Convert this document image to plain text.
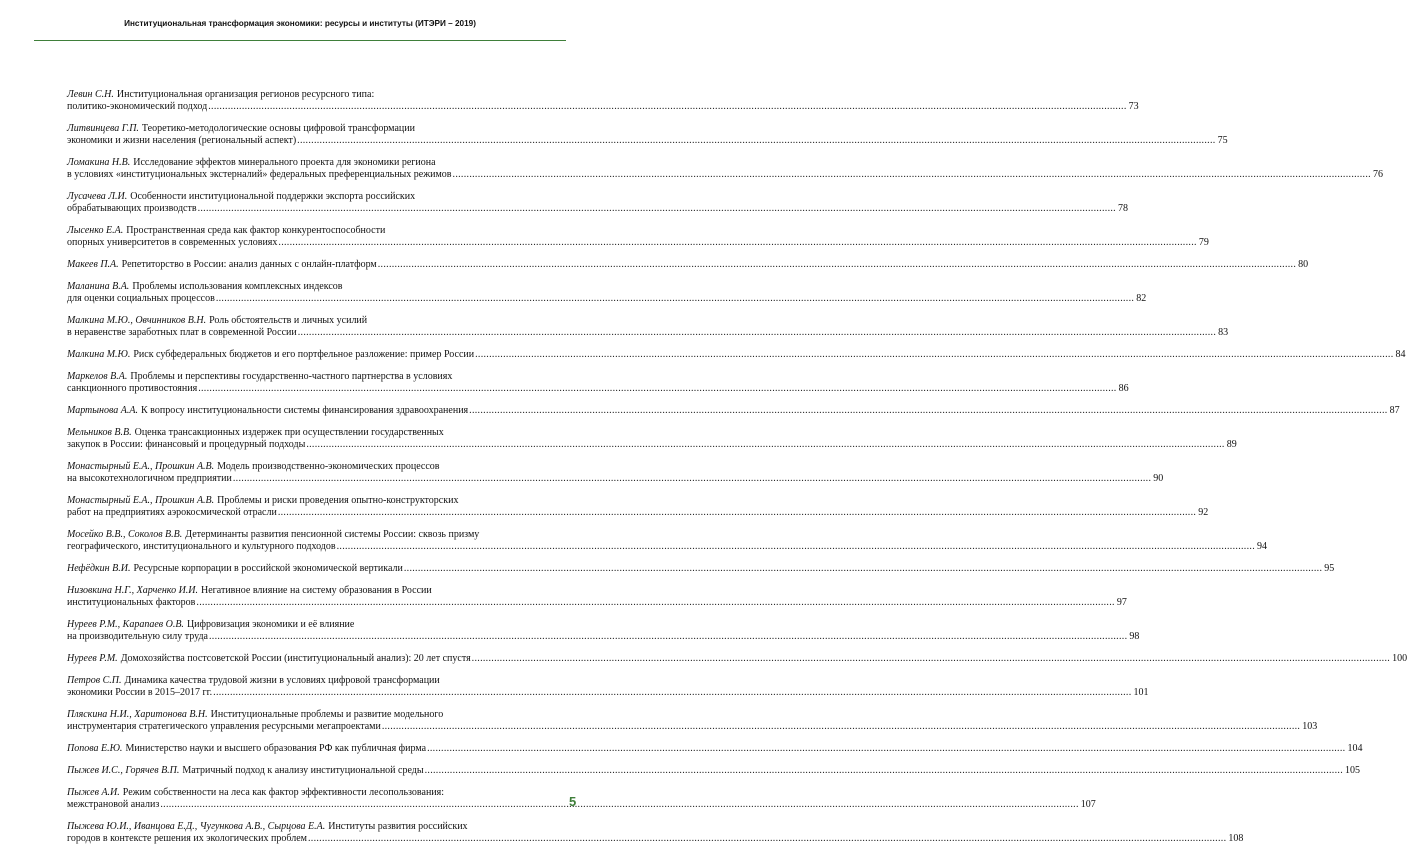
Институциональная трансформация экономики: ресурсы и институты (ИТЭРИ – 2019)
Левин С.Н. Институциональная организация регионов ресурсного типа:
политико-экономический подход .....	73
Литвинцева Г.П. Теоретико-методологические основы цифровой трансформации
экономики и жизни населения (региональный аспект) .....	75
Ломакина Н.В. Исследование эффектов минерального проекта для экономики региона
в условиях «институциональных экстерналий» федеральных преференциальных режимов .....	76
Лусачева Л.И. Особенности институциональной поддержки экспорта российских
обрабатывающих производств .....	78
Лысенко Е.А. Пространственная среда как фактор конкурентоспособности
опорных университетов в современных условиях .....	79
Макеев П.А. Репетиторство в России: анализ данных с онлайн-платформ .....	80
Маланина В.А. Проблемы использования комплексных индексов
для оценки социальных процессов .....	82
Малкина М.Ю., Овчинников В.Н. Роль обстоятельств и личных усилий
в неравенстве заработных плат в современной России .....	83
Малкина М.Ю. Риск субфедеральных бюджетов и его портфельное разложение: пример России .....	84
Маркелов В.А. Проблемы и перспективы государственно-частного партнерства в условиях
санкционного противостояния .....	86
Мартынова А.А. К вопросу институциональности системы финансирования здравоохранения .....	87
Мельников В.В. Оценка трансакционных издержек при осуществлении государственных
закупок в России: финансовый и процедурный подходы .....	89
Монастырный Е.А., Прошкин А.В. Модель производственно-экономических процессов
на высокотехнологичном предприятии .....	90
Монастырный Е.А., Прошкин А.В. Проблемы и риски проведения опытно-конструкторских
работ на предприятиях аэрокосмической отрасли .....	92
Мосейко В.В., Соколов В.В. Детерминанты развития пенсионной системы России: сквозь призму
географического, институционального и культурного подходов .....	94
Нефёдкин В.И. Ресурсные корпорации в российской экономической вертикали .....	95
Низовкина Н.Г., Харченко И.И. Негативное влияние на систему образования в России
институциональных факторов .....	97
Нуреев Р.М., Карапаев О.В. Цифровизация экономики и её влияние
на производительную силу труда .....	98
Нуреев Р.М. Домохозяйства постсоветской России (институциональный анализ): 20 лет спустя .....	100
Петров С.П. Динамика качества трудовой жизни в условиях цифровой трансформации
экономики России в 2015–2017 гг. .....	101
Пляскина Н.И., Харитонова В.Н. Институциональные проблемы и развитие модельного
инструментария стратегического управления ресурсными мегапроектами .....	103
Попова Е.Ю. Министерство науки и высшего образования РФ как публичная фирма .....	104
Пыжев И.С., Горячев В.П. Матричный подход к анализу институциональной среды .....	105
Пыжев А.И. Режим собственности на леса как фактор эффективности лесопользования:
межстрановой анализ .....	107
Пыжева Ю.И., Иванцова Е.Д., Чугункова А.В., Сырцова Е.А. Институты развития российских
городов в контексте решения их экологических проблем .....	108
5
